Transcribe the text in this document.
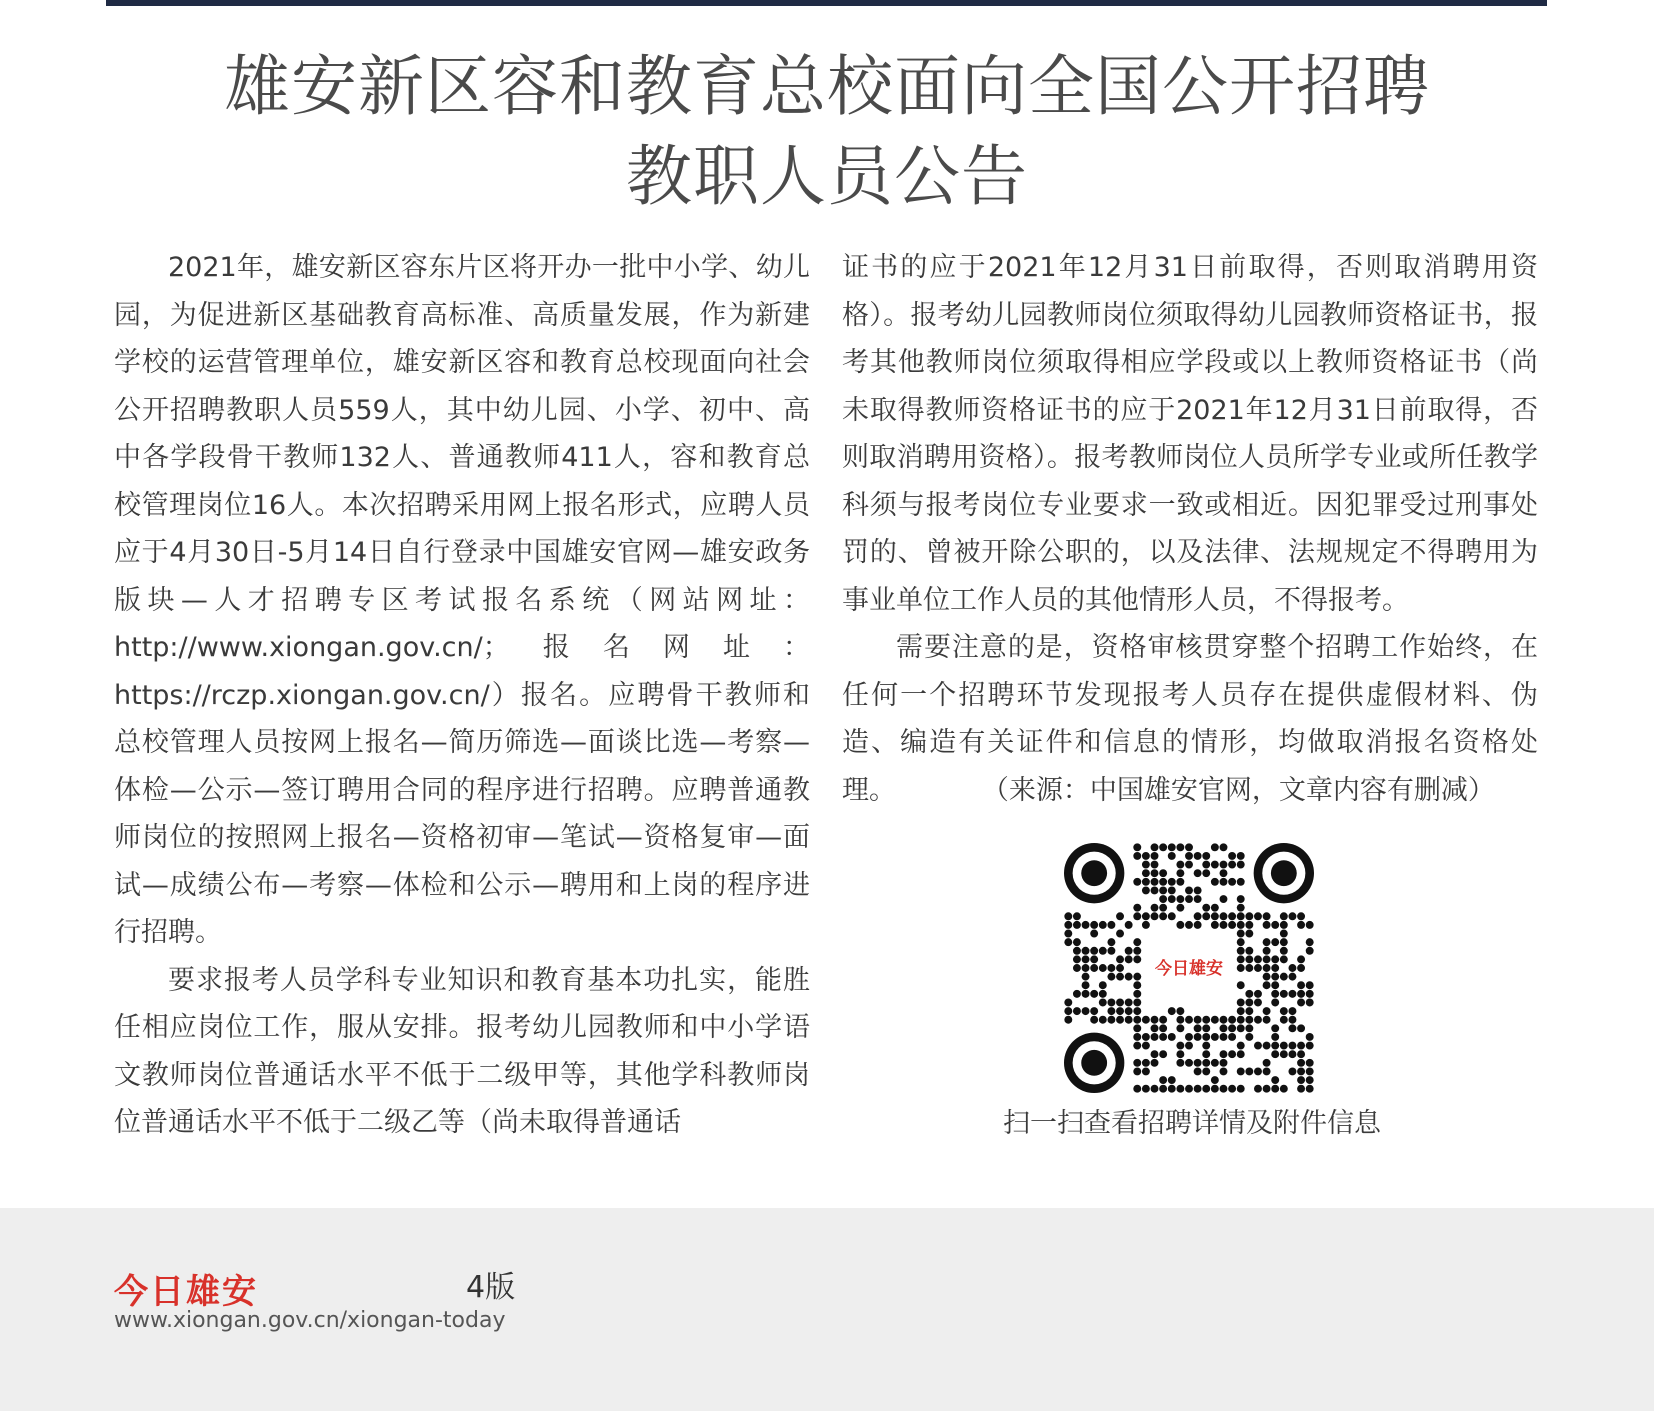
雄安新区容和教育总校面向全国公开招聘
教职人员公告

2021年，雄安新区容东片区将开办一批中小学、幼儿园，为促进新区基础教育高标准、高质量发展，作为新建学校的运营管理单位，雄安新区容和教育总校现面向社会公开招聘教职人员559人，其中幼儿园、小学、初中、高中各学段骨干教师132人、普通教师411人，容和教育总校管理岗位16人。本次招聘采用网上报名形式，应聘人员应于4月30日-5月14日自行登录中国雄安官网—雄安政务版块—人才招聘专区考试报名系统（网站网址：http://www.xiongan.gov.cn/；报名网址：https://rczp.xiongan.gov.cn/）报名。应聘骨干教师和总校管理人员按网上报名—简历筛选—面谈比选—考察—体检—公示—签订聘用合同的程序进行招聘。应聘普通教师岗位的按照网上报名—资格初审—笔试—资格复审—面试—成绩公布—考察—体检和公示—聘用和上岗的程序进行招聘。

要求报考人员学科专业知识和教育基本功扎实，能胜任相应岗位工作，服从安排。报考幼儿园教师和中小学语文教师岗位普通话水平不低于二级甲等，其他学科教师岗位普通话水平不低于二级乙等（尚未取得普通话

证书的应于2021年12月31日前取得，否则取消聘用资格）。报考幼儿园教师岗位须取得幼儿园教师资格证书，报考其他教师岗位须取得相应学段或以上教师资格证书（尚未取得教师资格证书的应于2021年12月31日前取得，否则取消聘用资格）。报考教师岗位人员所学专业或所任教学科须与报考岗位专业要求一致或相近。因犯罪受过刑事处罚的、曾被开除公职的，以及法律、法规规定不得聘用为事业单位工作人员的其他情形人员，不得报考。

需要注意的是，资格审核贯穿整个招聘工作始终，在任何一个招聘环节发现报考人员存在提供虚假材料、伪造、编造有关证件和信息的情形，均做取消报名资格处理。	（来源：中国雄安官网，文章内容有删减）

今日雄安
扫一扫查看招聘详情及附件信息
今日雄安	4版
www.xiongan.gov.cn/xiongan-today
